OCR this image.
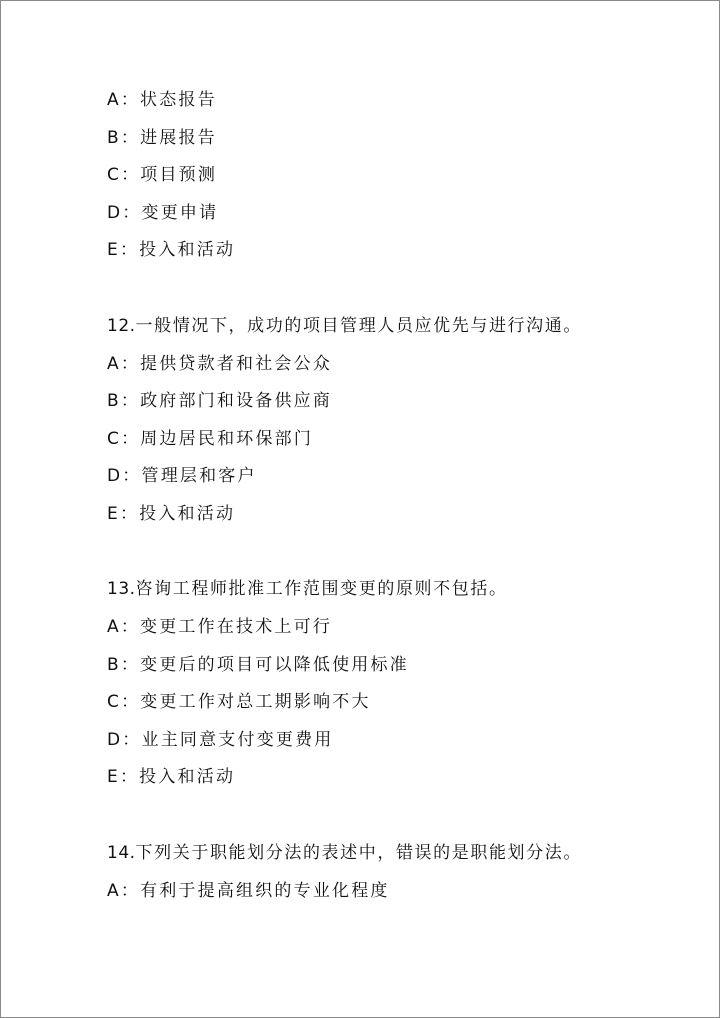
A：状态报告
B：进展报告
C：项目预测
D：变更申请
E：投入和活动
12.一般情况下，成功的项目管理人员应优先与进行沟通。
A：提供贷款者和社会公众
B：政府部门和设备供应商
C：周边居民和环保部门
D：管理层和客户
E：投入和活动
13.咨询工程师批准工作范围变更的原则不包括。
A：变更工作在技术上可行
B：变更后的项目可以降低使用标准
C：变更工作对总工期影响不大
D：业主同意支付变更费用
E：投入和活动
14.下列关于职能划分法的表述中，错误的是职能划分法。
A：有利于提高组织的专业化程度
